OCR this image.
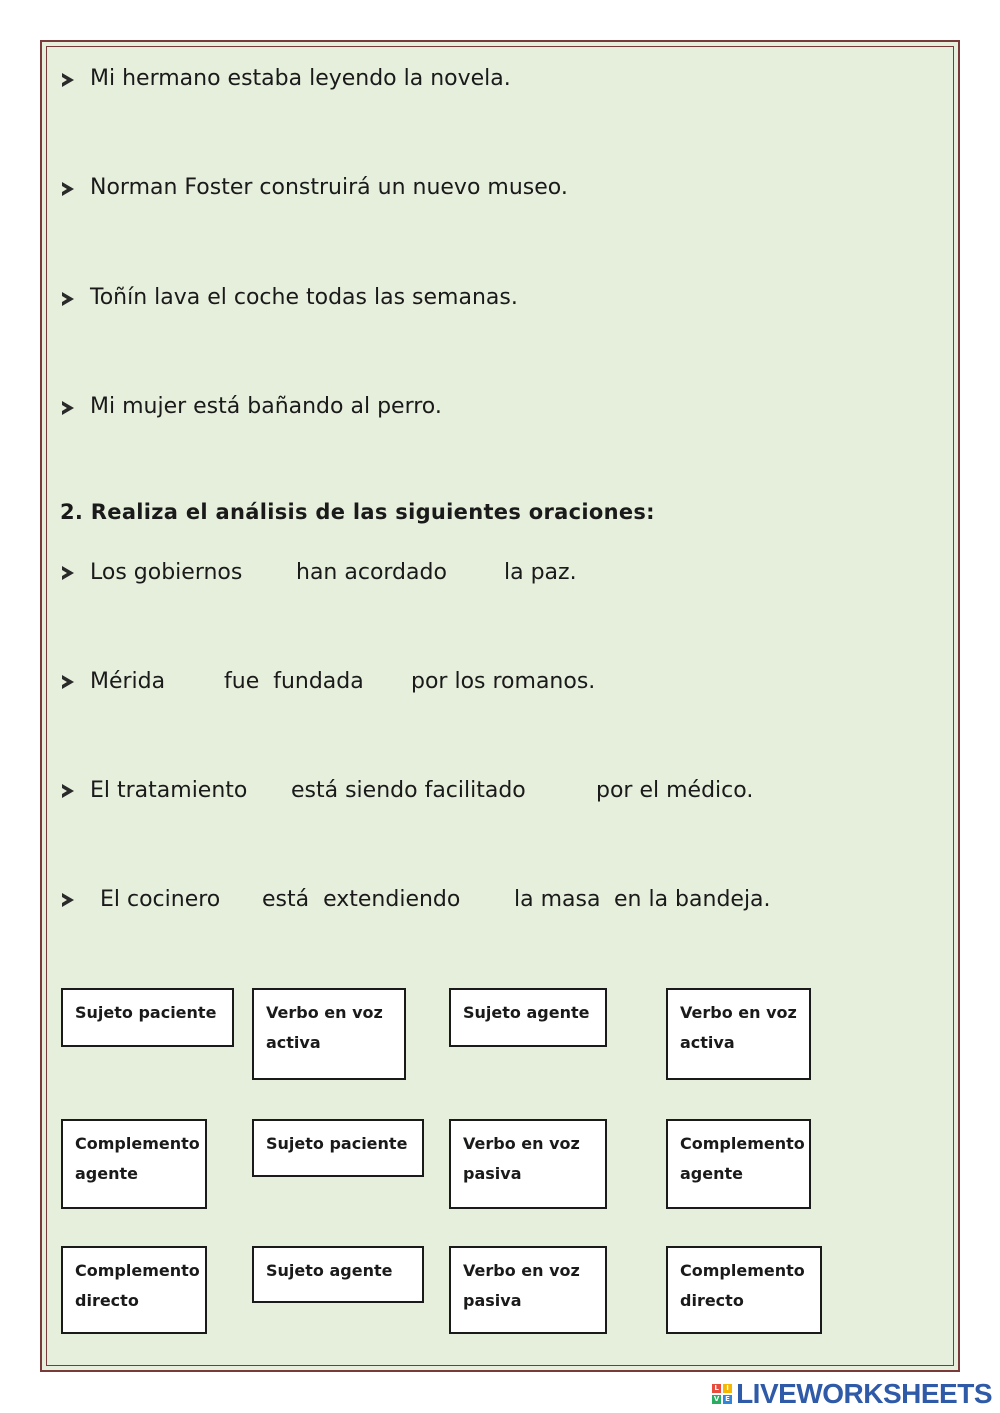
Mi hermano estaba leyendo la novela.
Norman Foster construirá un nuevo museo.
Toñín lava el coche todas las semanas.
Mi mujer está bañando al perro.
2. Realiza el análisis de las siguientes oraciones:
Los gobiernos han acordado	la paz.
Mérida	fue  fundada por los romanos.
El tratamiento está siendo facilitado	por el médico.
El cocinero está  extendiendo la masa en la bandeja.
Sujeto paciente	Verbo en voz activa
Sujeto agente	Verbo en voz activa
Complemento agente
Sujeto paciente	Verbo en voz pasiva
Complemento agente
Complemento directo
Sujeto agente	Verbo en voz pasiva
Complemento directo
L	I
V E LIVEWORKSHEETS
